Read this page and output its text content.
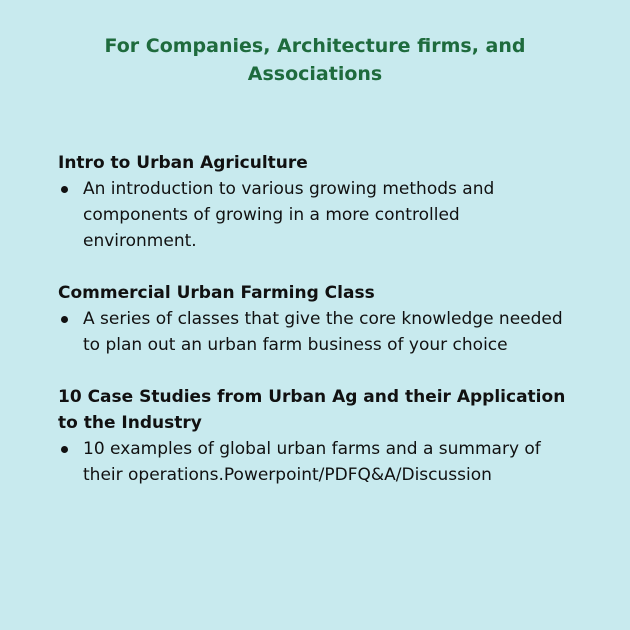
For Companies, Architecture firms, and Associations

Intro to Urban Agriculture

An introduction to various growing methods and components of growing in a more controlled environment.

Commercial Urban Farming Class

A series of classes that give the core knowledge needed to plan out an urban farm business of your choice

10 Case Studies from Urban Ag and their Application to the Industry

10 examples of global urban farms and a summary of their operations.Powerpoint/PDFQ&A/Discussion
